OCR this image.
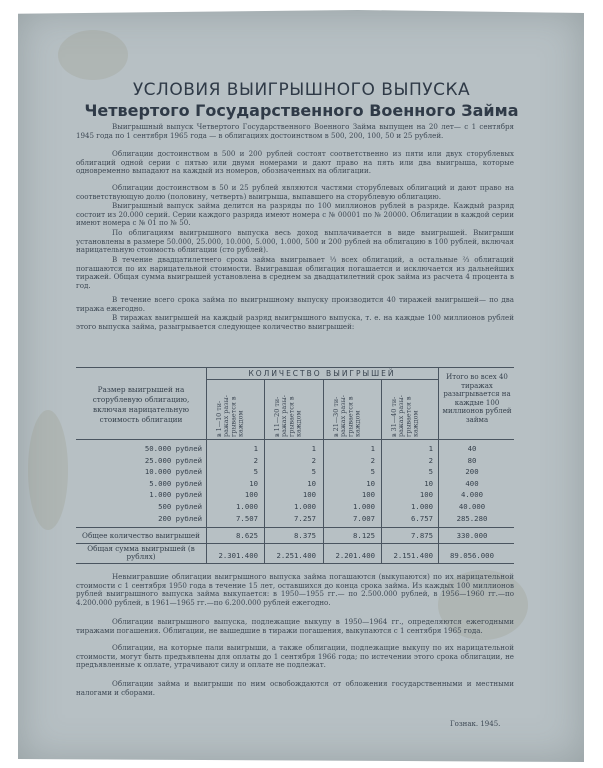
УСЛОВИЯ ВЫИГРЫШНОГО ВЫПУСКА
Четвертого Государственного Военного Займа
Выигрышный выпуск Четвертого Государственного Военного Займа выпущен на 20 лет— с 1 сентября 1945 года по 1 сентября 1965 года — в облигациях достоинством в 500, 200, 100, 50 и 25 рублей.
Облигации достоинством в 500 и 200 рублей состоят соответственно из пяти или двух сторублевых облигаций одной серии с пятью или двумя номерами и дают право на пять или два выигрыша, которые одновременно выпадают на каждый из номеров, обозначенных на облигации.
Облигации достоинством в 50 и 25 рублей являются частями сторублевых облигаций и дают право на соответствующую долю (половину, четверть) выигрыша, выпавшего на сторублевую облигацию.
Выигрышный выпуск займа делится на разряды по 100 миллионов рублей в разряде. Каждый разряд состоит из 20.000 серий. Серии каждого разряда имеют номера с № 00001 по № 20000. Облигации в каждой серии имеют номера с № 01 по № 50.
По облигациям выигрышного выпуска весь доход выплачивается в виде выигрышей. Выигрыши установлены в размере 50.000, 25.000, 10.000, 5.000, 1.000, 500 и 200 рублей на облигацию в 100 рублей, включая нарицательную стоимость облигации (сто рублей).
В течение двадцатилетнего срока займа выигрывает ⅓ всех облигаций, а остальные ⅔ облигаций погашаются по их нарицательной стоимости. Выигравшая облигация погашается и исключается из дальнейших тиражей. Общая сумма выигрышей установлена в среднем за двадцатилетний срок займа из расчета 4 процента в год.
В течение всего срока займа по выигрышному выпуску производится 40 тиражей выигрышей— по два тиража ежегодно.
В тиражах выигрышей на каждый разряд выигрышного выпуска, т. е. на каждые 100 миллионов рублей этого выпуска займа, разыгрывается следующее количество выигрышей:
Размер выигрышей на сторублевую облигацию, включая нарицательную стоимость облигации
КОЛИЧЕСТВО ВЫИГРЫШЕЙ
в 1—10 ти- ражах разы- грывается в каждом	в 11—20 ти- ражах разы- грывается в каждом	в 21—30 ти- ражах разы- грывается в каждом	в 31—40 ти- ражах разы- грывается в каждом
Итого во всех 40 тиражах разыгрывается на каждые 100 миллионов рублей займа
50.000 рублей	1	1	1	1	40
25.000 рублей	2	2	2	2	80
10.000 рублей	5	5	5	5	200
5.000 рублей	10	10	10	10	400
1.000 рублей	100	100	100	100	4.000
500 рублей	1.000	1.000	1.000	1.000	40.000
200 рублей	7.507	7.257	7.007	6.757	285.280
Общее количество выигрышей	8.625	8.375	8.125	7.875	330.000
Общая сумма выигрышей (в рублях)	2.301.400	2.251.400	2.201.400	2.151.400	89.056.000
Невыигравшие облигации выигрышного выпуска займа погашаются (выкупаются) по их нарицательной стоимости с 1 сентября 1950 года в течение 15 лет, оставшихся до конца срока займа. Из каждых 100 миллионов рублей выигрышного выпуска займа выкупается: в 1950—1955 гг.— по 2.500.000 рублей, в 1956—1960 гг.—по 4.200.000 рублей, в 1961—1965 гг.—по 6.200.000 рублей ежегодно.
Облигации выигрышного выпуска, подлежащие выкупу в 1950—1964 гг., определяются ежегодными тиражами погашения. Облигации, не вышедшие в тиражи погашения, выкупаются с 1 сентября 1965 года.
Облигации, на которые пали выигрыши, а также облигации, подлежащие выкупу по их нарицательной стоимости, могут быть предъявлены для оплаты до 1 сентября 1966 года; по истечении этого срока облигации, не предъявленные к оплате, утрачивают силу и оплате не подлежат.
Облигации займа и выигрыши по ним освобождаются от обложения государственными и местными налогами и сборами.
Гознак. 1945.
